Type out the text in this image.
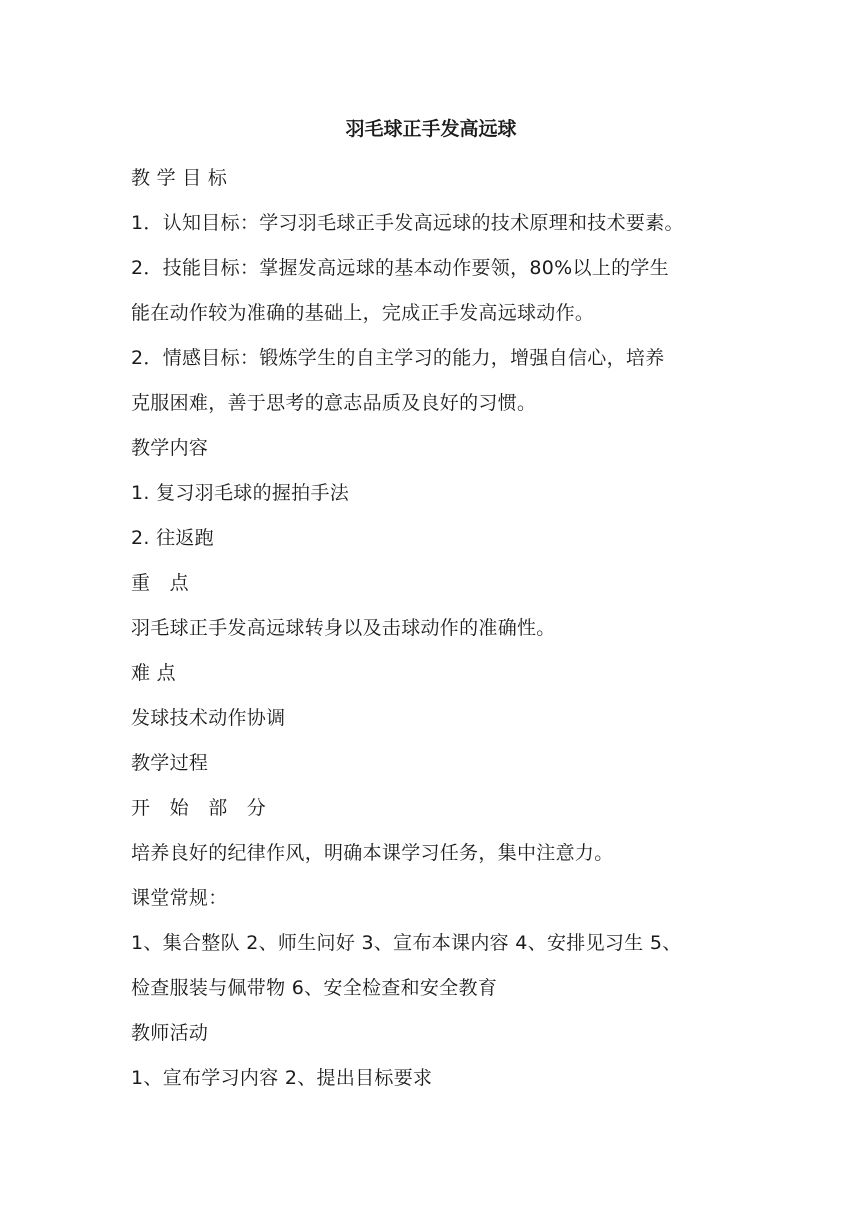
羽毛球正手发高远球
教 学 目 标
1．认知目标：学习羽毛球正手发高远球的技术原理和技术要素。
2．技能目标：掌握发高远球的基本动作要领，80%以上的学生
能在动作较为准确的基础上，完成正手发高远球动作。
2．情感目标：锻炼学生的自主学习的能力，增强自信心，培养
克服困难，善于思考的意志品质及良好的习惯。
教学内容
1. 复习羽毛球的握拍手法
2. 往返跑
重　点
羽毛球正手发高远球转身以及击球动作的准确性。
难 点
发球技术动作协调
教学过程
开　始　部　分
培养良好的纪律作风，明确本课学习任务，集中注意力。
课堂常规：
1、集合整队 2、师生问好 3、宣布本课内容 4、安排见习生 5、
检查服装与佩带物 6、安全检查和安全教育
教师活动
1、宣布学习内容 2、提出目标要求
